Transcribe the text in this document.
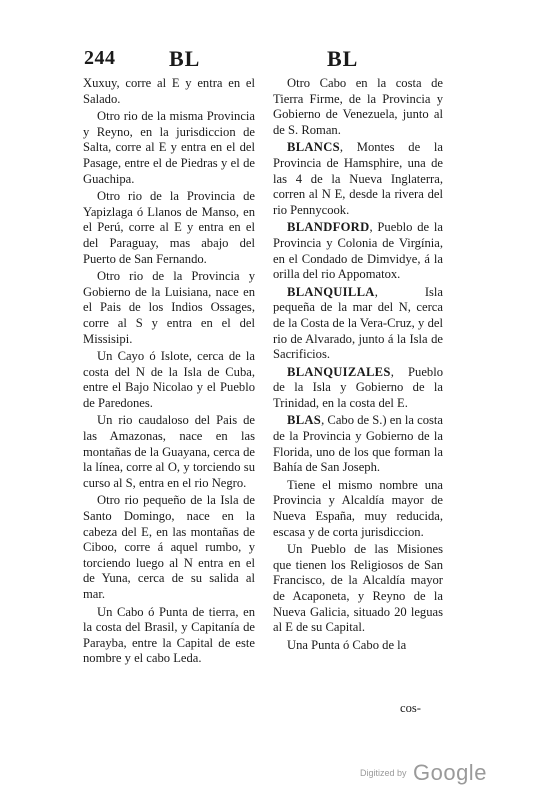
244 BL	BL

Xuxuy, corre al E y entra en el Salado.

Otro rio de la misma Provincia y Reyno, en la jurisdiccion de Salta, corre al E y entra en el del Pasage, entre el de Piedras y el de Guachipa.

Otro rio de la Provincia de Yapizlaga ó Llanos de Manso, en el Perú, corre al E y entra en el del Paraguay, mas abajo del Puerto de San Fernando.

Otro rio de la Provincia y Gobierno de la Luisiana, nace en el Pais de los Indios Ossages, corre al S y entra en el del Missisipi.

Un Cayo ó Islote, cerca de la costa del N de la Isla de Cuba, entre el Bajo Nicolao y el Pueblo de Paredones.

Un rio caudaloso del Pais de las Amazonas, nace en las montañas de la Guayana, cerca de la línea, corre al O, y torciendo su curso al S, entra en el rio Negro.

Otro rio pequeño de la Isla de Santo Domingo, nace en la cabeza del E, en las montañas de Ciboo, corre á aquel rumbo, y torciendo luego al N entra en el de Yuna, cerca de su salida al mar.

Un Cabo ó Punta de tierra, en la costa del Brasil, y Capitanía de Parayba, entre la Capital de este nombre y el cabo Leda.

Otro Cabo en la costa de Tierra Firme, de la Provincia y Gobierno de Venezuela, junto al de S. Roman.

BLANCS, Montes de la Provincia de Hamsphire, una de las 4 de la Nueva Inglaterra, corren al N E, desde la rivera del rio Pennycook.

BLANDFORD, Pueblo de la Provincia y Colonia de Virgínia, en el Condado de Dimvidye, á la orilla del rio Appomatox.

BLANQUILLA, Isla pequeña de la mar del N, cerca de la Costa de la Vera-Cruz, y del rio de Alvarado, junto á la Isla de Sacrificios.

BLANQUIZALES, Pueblo de la Isla y Gobierno de la Trinidad, en la costa del E.

BLAS, Cabo de S.) en la costa de la Provincia y Gobierno de la Florida, uno de los que forman la Bahía de San Joseph.

Tiene el mismo nombre una Provincia y Alcaldía mayor de Nueva España, muy reducida, escasa y de corta jurisdiccion.

Un Pueblo de las Misiones que tienen los Religiosos de San Francisco, de la Alcaldía mayor de Acaponeta, y Reyno de la Nueva Galicia, situado 20 leguas al E de su Capital.

Una Punta ó Cabo de la

cos-
Digitized by Google
